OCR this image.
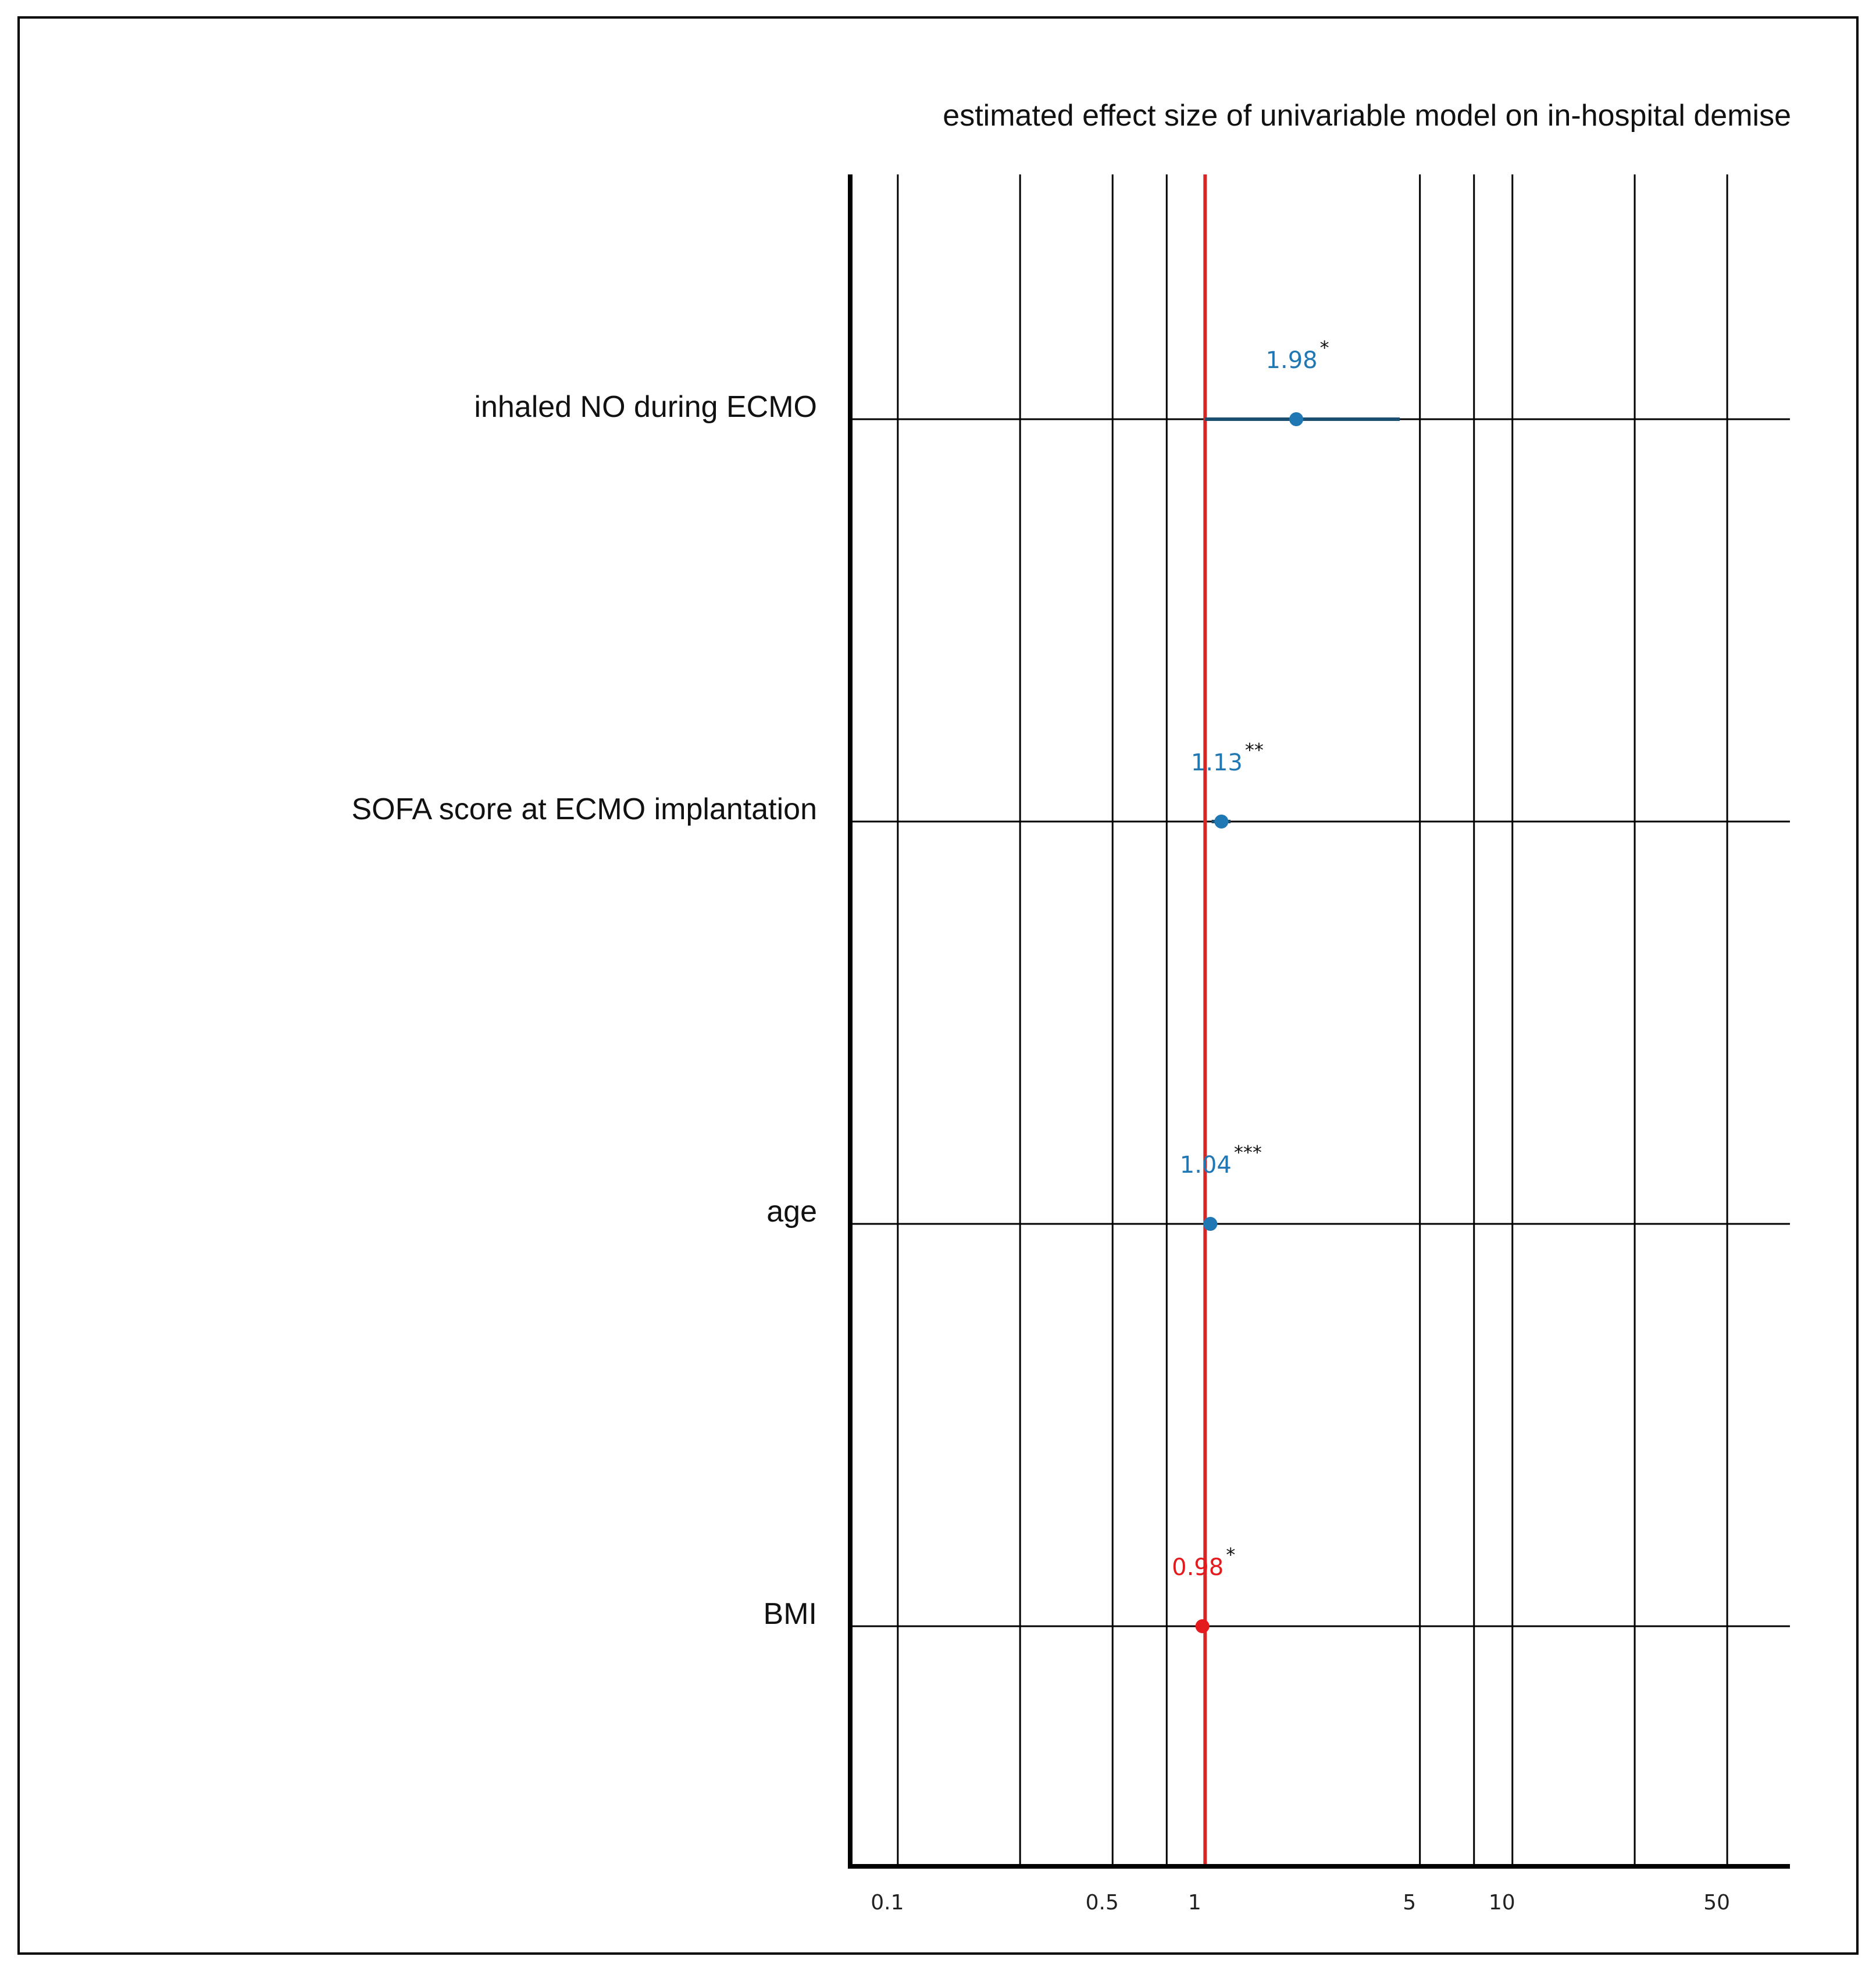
estimated effect size of univariable model on in-hospital demise
inhaled NO during ECMO
SOFA score at ECMO implantation
age
BMI
0.1	0.5	1	5	10	50
1.98 *
1.13 **
1.04 ***
0.98 *
